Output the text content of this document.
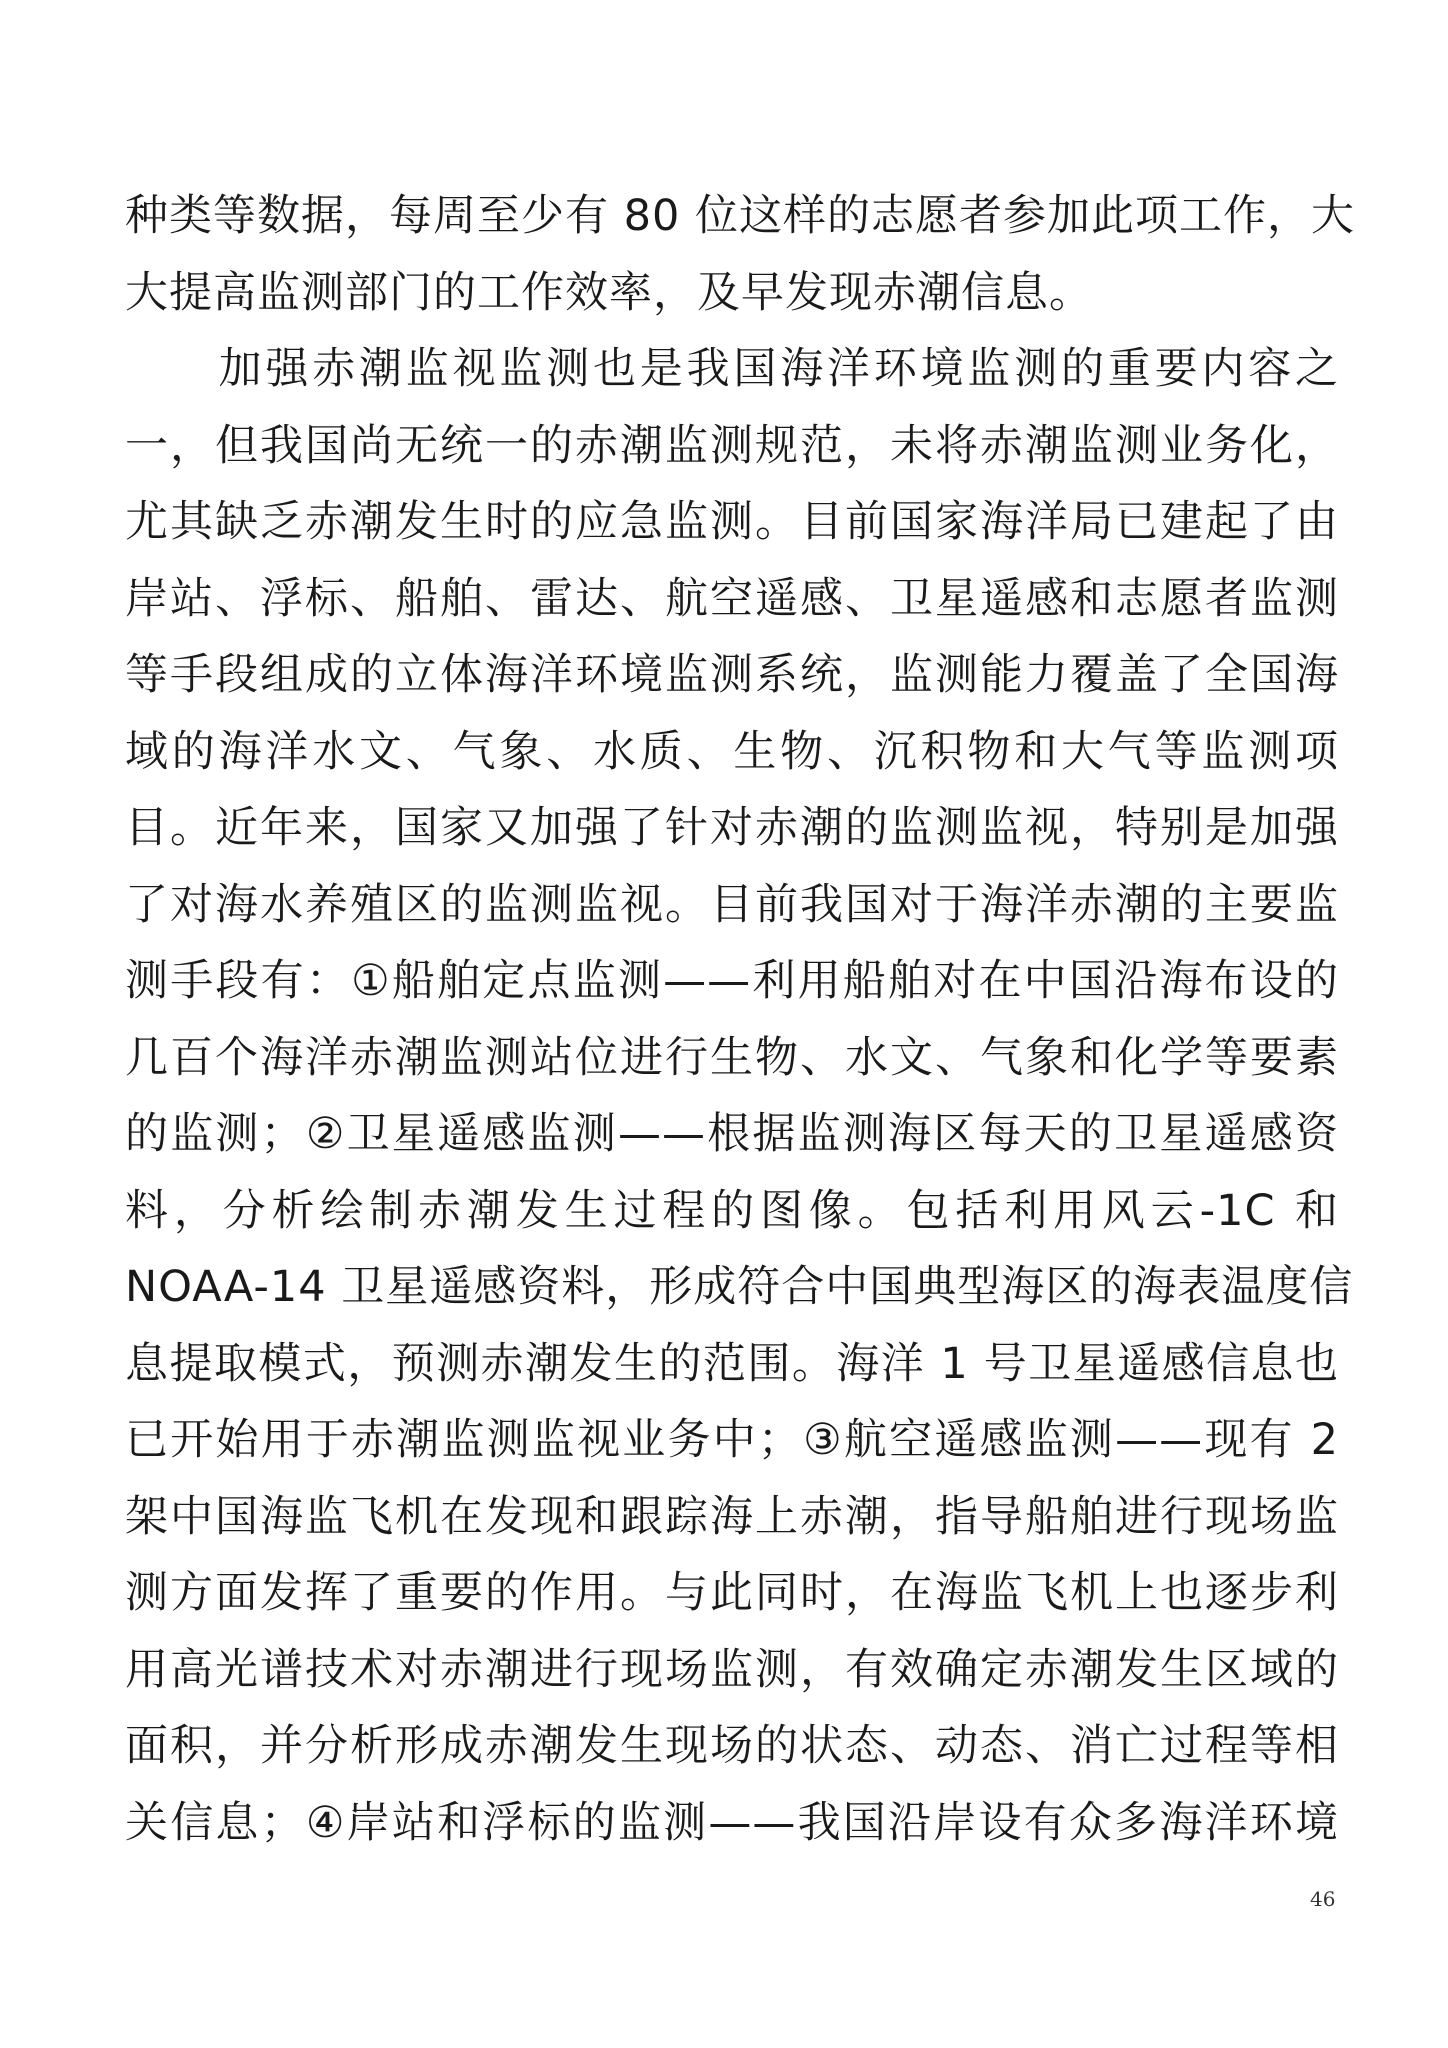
种类等数据，每周至少有 80 位这样的志愿者参加此项工作，大
大提高监测部门的工作效率，及早发现赤潮信息。
　　加强赤潮监视监测也是我国海洋环境监测的重要内容之
一，但我国尚无统一的赤潮监测规范，未将赤潮监测业务化，
尤其缺乏赤潮发生时的应急监测。目前国家海洋局已建起了由
岸站、浮标、船舶、雷达、航空遥感、卫星遥感和志愿者监测
等手段组成的立体海洋环境监测系统，监测能力覆盖了全国海
域的海洋水文、气象、水质、生物、沉积物和大气等监测项
目。近年来，国家又加强了针对赤潮的监测监视，特别是加强
了对海水养殖区的监测监视。目前我国对于海洋赤潮的主要监
测手段有：①船舶定点监测——利用船舶对在中国沿海布设的
几百个海洋赤潮监测站位进行生物、水文、气象和化学等要素
的监测；②卫星遥感监测——根据监测海区每天的卫星遥感资
料，分析绘制赤潮发生过程的图像。包括利用风云-1C 和
NOAA-14 卫星遥感资料，形成符合中国典型海区的海表温度信
息提取模式，预测赤潮发生的范围。海洋 1 号卫星遥感信息也
已开始用于赤潮监测监视业务中；③航空遥感监测——现有 2
架中国海监飞机在发现和跟踪海上赤潮，指导船舶进行现场监
测方面发挥了重要的作用。与此同时，在海监飞机上也逐步利
用高光谱技术对赤潮进行现场监测，有效确定赤潮发生区域的
面积，并分析形成赤潮发生现场的状态、动态、消亡过程等相
关信息；④岸站和浮标的监测——我国沿岸设有众多海洋环境
46
